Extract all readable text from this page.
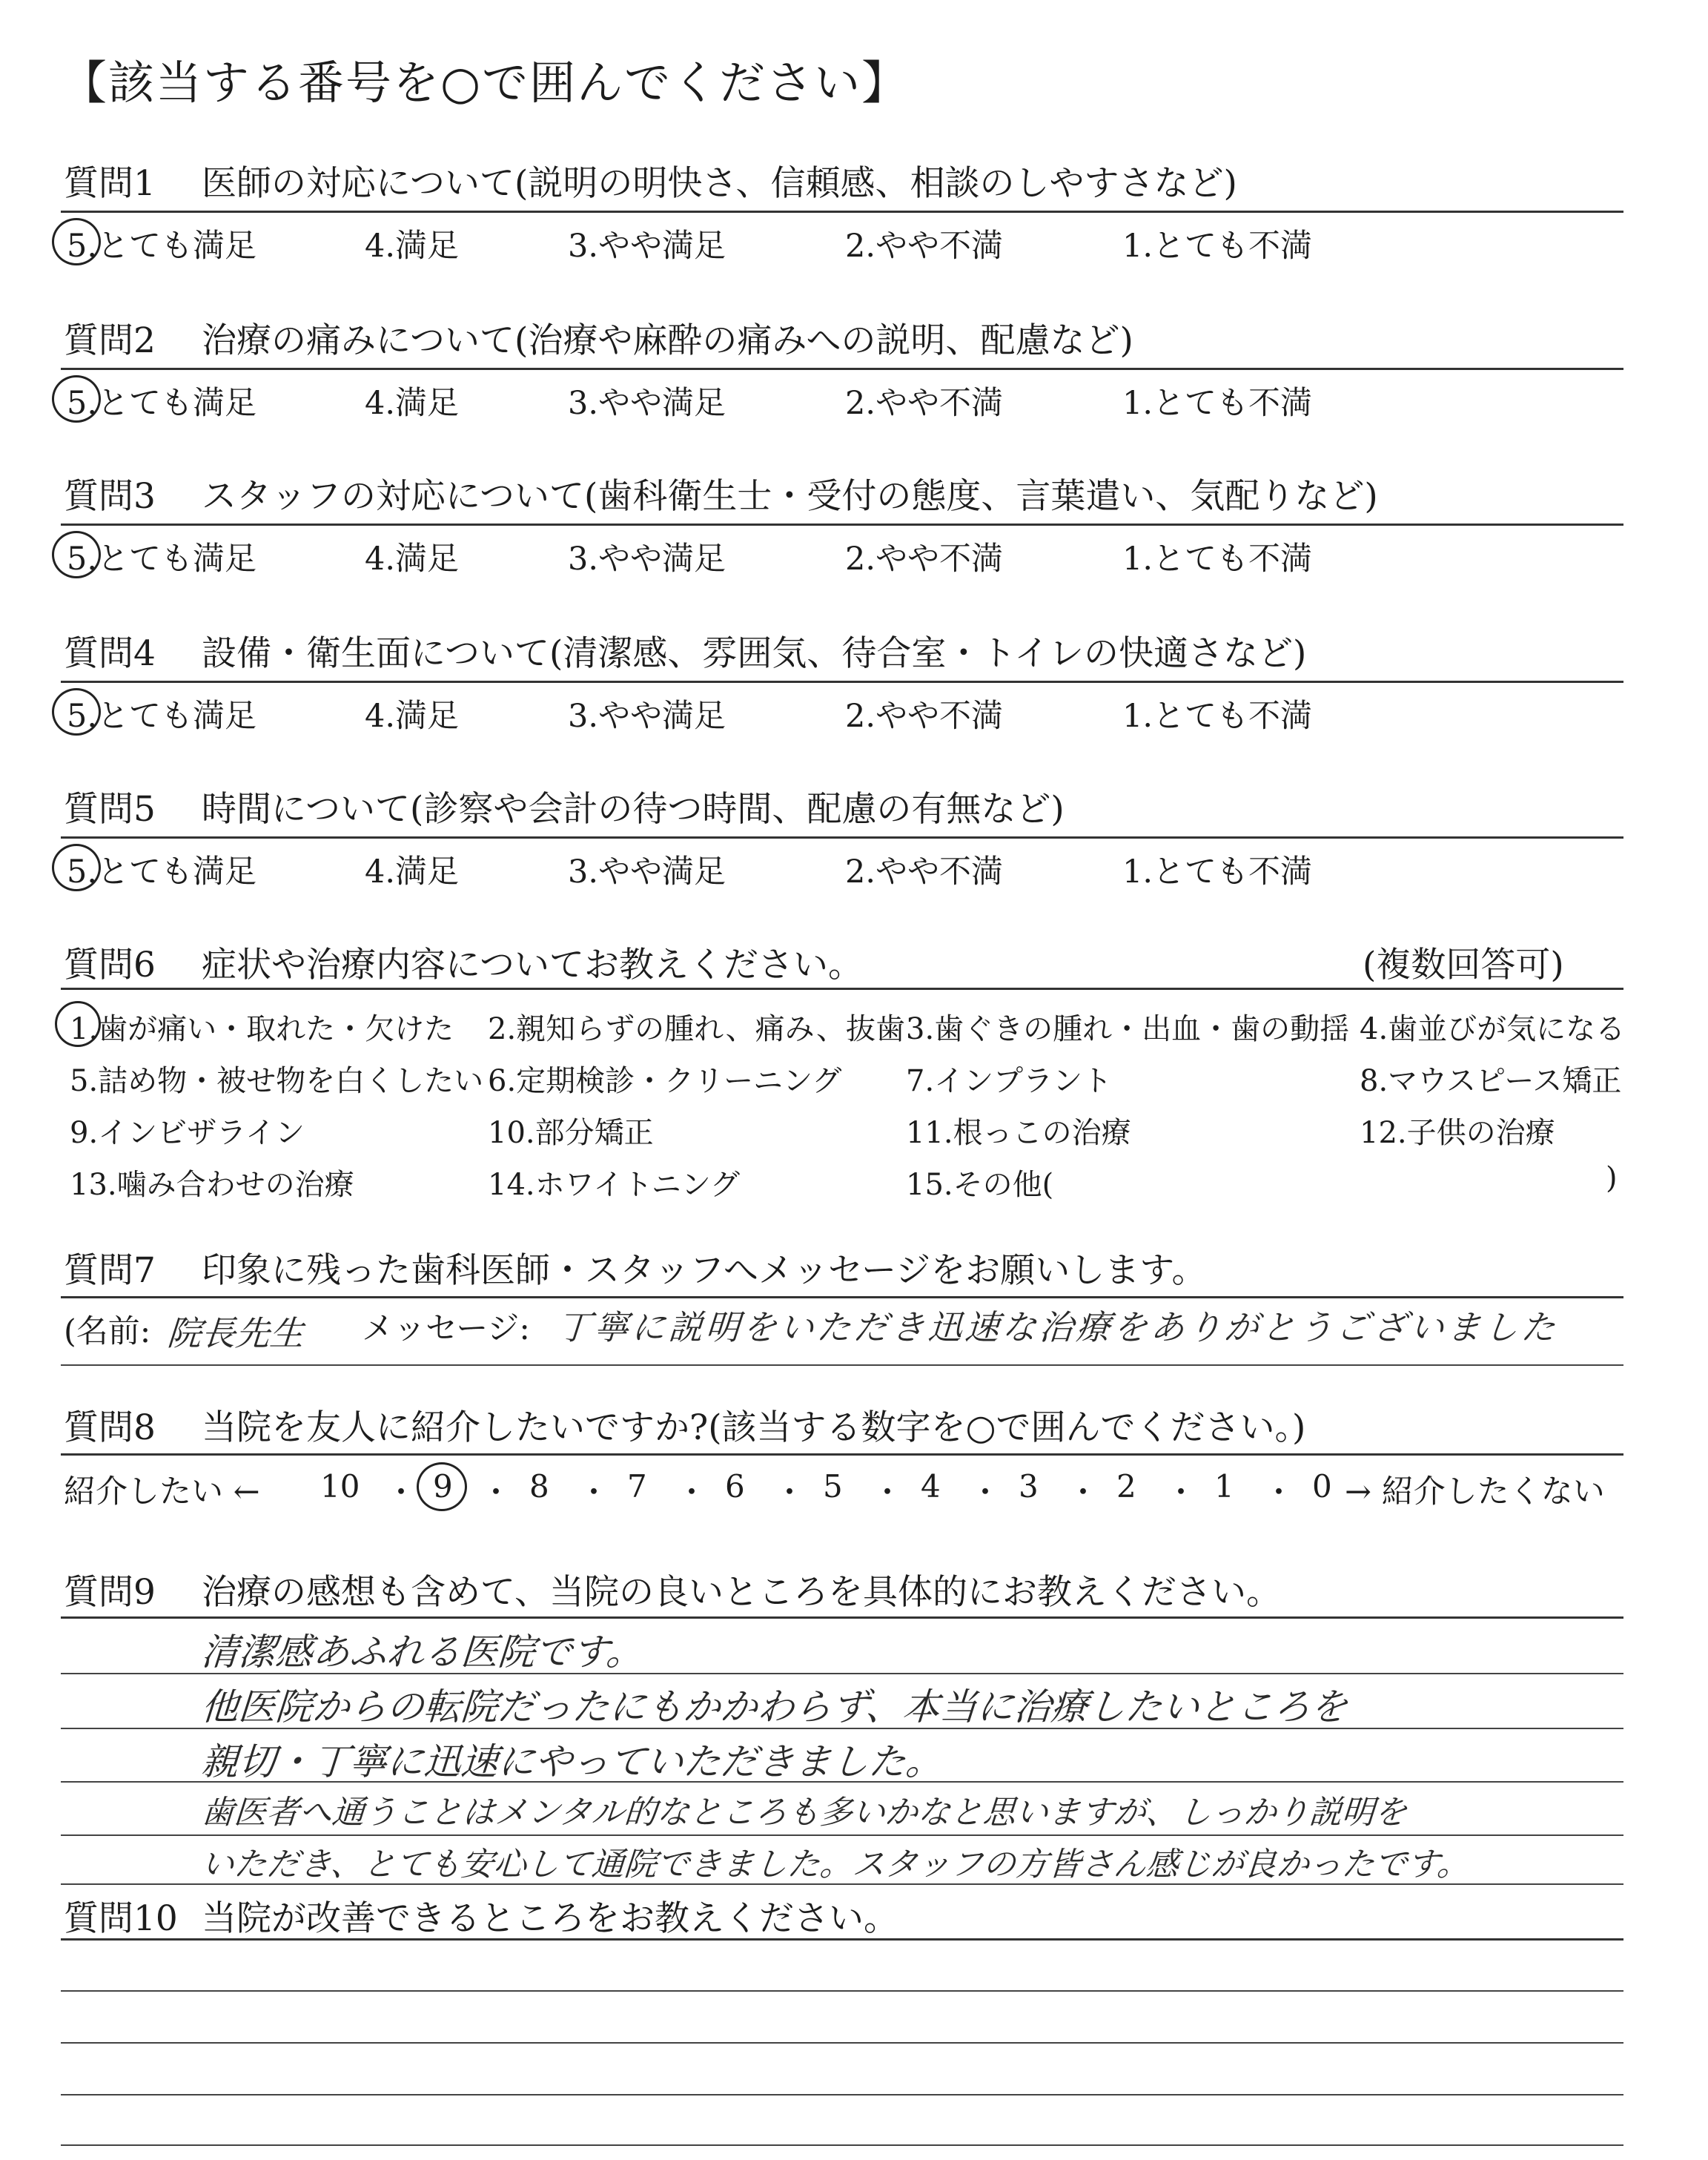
【該当する番号を○で囲んでください】
質問1 医師の対応について(説明の明快さ、信頼感、相談のしやすさなど)
5.とても満足	4.満足	3.やや満足	2.やや不満	1.とても不満
質問2 治療の痛みについて(治療や麻酔の痛みへの説明、配慮など)
5.とても満足	4.満足	3.やや満足	2.やや不満	1.とても不満
質問3 スタッフの対応について(歯科衛生士・受付の態度、言葉遣い、気配りなど)
5.とても満足	4.満足	3.やや満足	2.やや不満	1.とても不満
質問4 設備・衛生面について(清潔感、雰囲気、待合室・トイレの快適さなど)
5.とても満足	4.満足	3.やや満足	2.やや不満	1.とても不満
質問5 時間について(診察や会計の待つ時間、配慮の有無など)
5.とても満足	4.満足	3.やや満足	2.やや不満	1.とても不満
質問6 症状や治療内容についてお教えください。	(複数回答可)
1.歯が痛い・取れた・欠けた 2.親知らずの腫れ、痛み、抜歯 3.歯ぐきの腫れ・出血・歯の動揺 4.歯並びが気になる
5.詰め物・被せ物を白くしたい 6.定期検診・クリーニング 7.インプラント	8.マウスピース矯正
9.インビザライン	10.部分矯正	11.根っこの治療	12.子供の治療
13.噛み合わせの治療	14.ホワイトニング	15.その他(	)
質問7 印象に残った歯科医師・スタッフへメッセージをお願いします。
(名前: 院長先生 メッセージ: 丁寧に説明をいただき迅速な治療をありがとうございました
質問8 当院を友人に紹介したいですか?(該当する数字を○で囲んでください。)
紹介したい ← 10 9 8	7	6	5	4	3	2	1	0
・ ・ ・ ・ ・ ・ ・ ・ ・ ・ → 紹介したくない
質問9 治療の感想も含めて、当院の良いところを具体的にお教えください。
清潔感あふれる医院です。
他医院からの転院だったにもかかわらず、本当に治療したいところを
親切・丁寧に迅速にやっていただきました。
歯医者へ通うことはメンタル的なところも多いかなと思いますが、しっかり説明を
いただき、とても安心して通院できました。スタッフの方皆さん感じが良かったです。
質問10 当院が改善できるところをお教えください。
